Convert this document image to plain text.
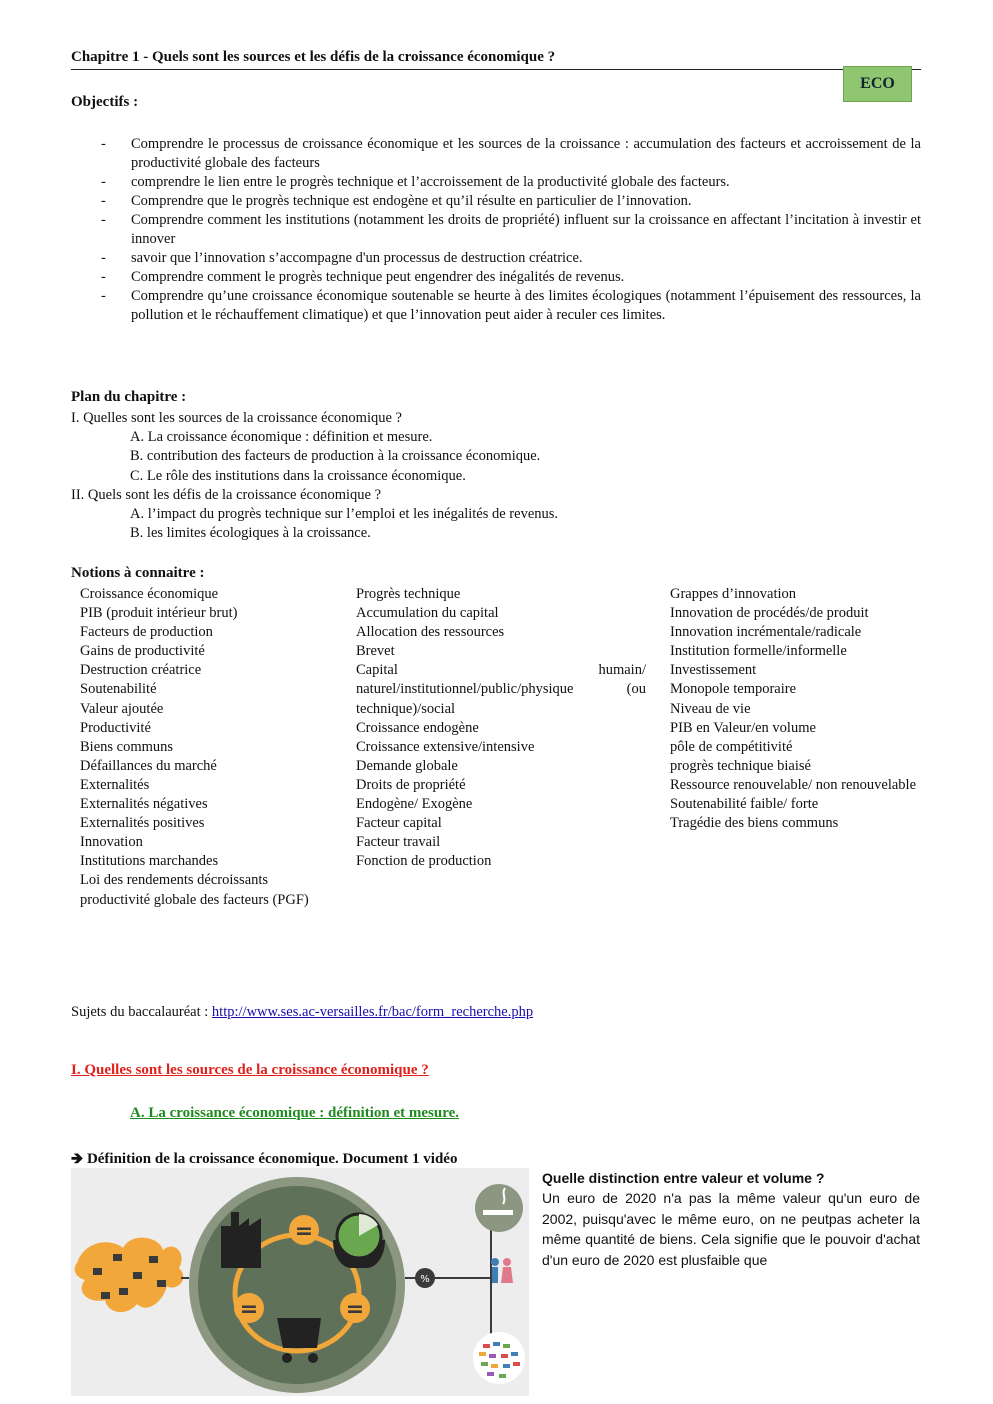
Chapitre 1 - Quels sont les sources et les défis de la croissance économique ?
ECO
Objectifs :
- Comprendre le processus de croissance économique et les sources de la croissance : accumulation des facteurs et accroissement de la productivité globale des facteurs
- comprendre le lien entre le progrès technique et l’accroissement de la productivité globale des facteurs.
- Comprendre que le progrès technique est endogène et qu’il résulte en particulier de l’innovation.
- Comprendre comment les institutions (notamment les droits de propriété) influent sur la croissance en affectant l’incitation à investir et innover
- savoir que l’innovation s’accompagne d'un processus de destruction créatrice.
- Comprendre comment le progrès technique peut engendrer des inégalités de revenus.
- Comprendre qu’une croissance économique soutenable se heurte à des limites écologiques (notamment l’épuisement des ressources, la pollution et le réchauffement climatique) et que l’innovation peut aider à reculer ces limites.
Plan du chapitre :
I. Quelles sont les sources de la croissance économique ?
A. La croissance économique : définition et mesure.
B. contribution des facteurs de production à la croissance économique.
C. Le rôle des institutions dans la croissance économique.
II. Quels sont les défis de la croissance économique ?
A. l’impact du progrès technique sur l’emploi et les inégalités de revenus.
B. les limites écologiques à la croissance.
Notions à connaitre :
Croissance économique
PIB (produit intérieur brut)
Facteurs de production
Gains de productivité
Destruction créatrice
Soutenabilité
Valeur ajoutée
Productivité
Biens communs
Défaillances du marché
Externalités
Externalités négatives
Externalités positives
Innovation
Institutions marchandes
Loi des rendements décroissants
productivité globale des facteurs (PGF)
Progrès technique
Accumulation du capital
Allocation des ressources
Brevet
Capital humain/ naturel/institutionnel/public/physique (ou technique)/social
Croissance endogène
Croissance extensive/intensive
Demande globale
Droits de propriété
Endogène/ Exogène
Facteur capital
Facteur travail
Fonction de production
Grappes d’innovation
Innovation de procédés/de produit
Innovation incrémentale/radicale
Institution formelle/informelle
Investissement
Monopole temporaire
Niveau de vie
PIB en Valeur/en volume
pôle de compétitivité
progrès technique biaisé
Ressource renouvelable/ non renouvelable
Soutenabilité faible/ forte
Tragédie des biens communs
Sujets du baccalauréat : http://www.ses.ac-versailles.fr/bac/form_recherche.php
I. Quelles sont les sources de la croissance économique ?
A. La croissance économique : définition et mesure.
🡺 Définition de la croissance économique. Document 1 vidéo
=
=	=
%
Quelle distinction entre valeur et volume ?
Un euro de 2020 n'a pas la même valeur qu'un euro de 2002, puisqu'avec le même euro, on ne peutpas acheter la même quantité de biens. Cela signifie que le pouvoir d'achat d'un euro de 2020 est plusfaible que
